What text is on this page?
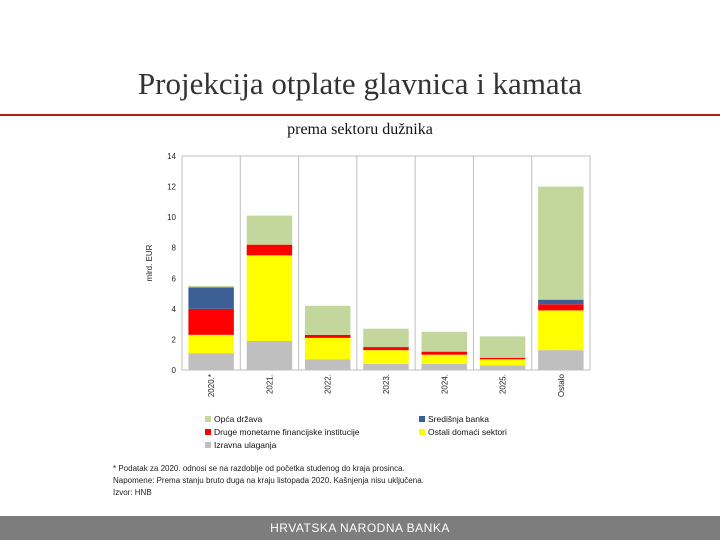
Projekcija otplate glavnica i kamata
prema sektoru dužnika
0
2
4
6
8
10
12
14
mlrd. EUR
2020.*	2021.	2022.	2023.	2024.	2025.	Ostalo
Opća država	Središnja banka
Druge monetarne financijske institucije	Ostali domaći sektori
Izravna ulaganja
* Podatak za 2020. odnosi se na razdoblje od početka studenog do kraja prosinca.
Napomene: Prema stanju bruto duga na kraju listopada 2020. Kašnjenja nisu uključena.
Izvor: HNB
HRVATSKA NARODNA BANKA
